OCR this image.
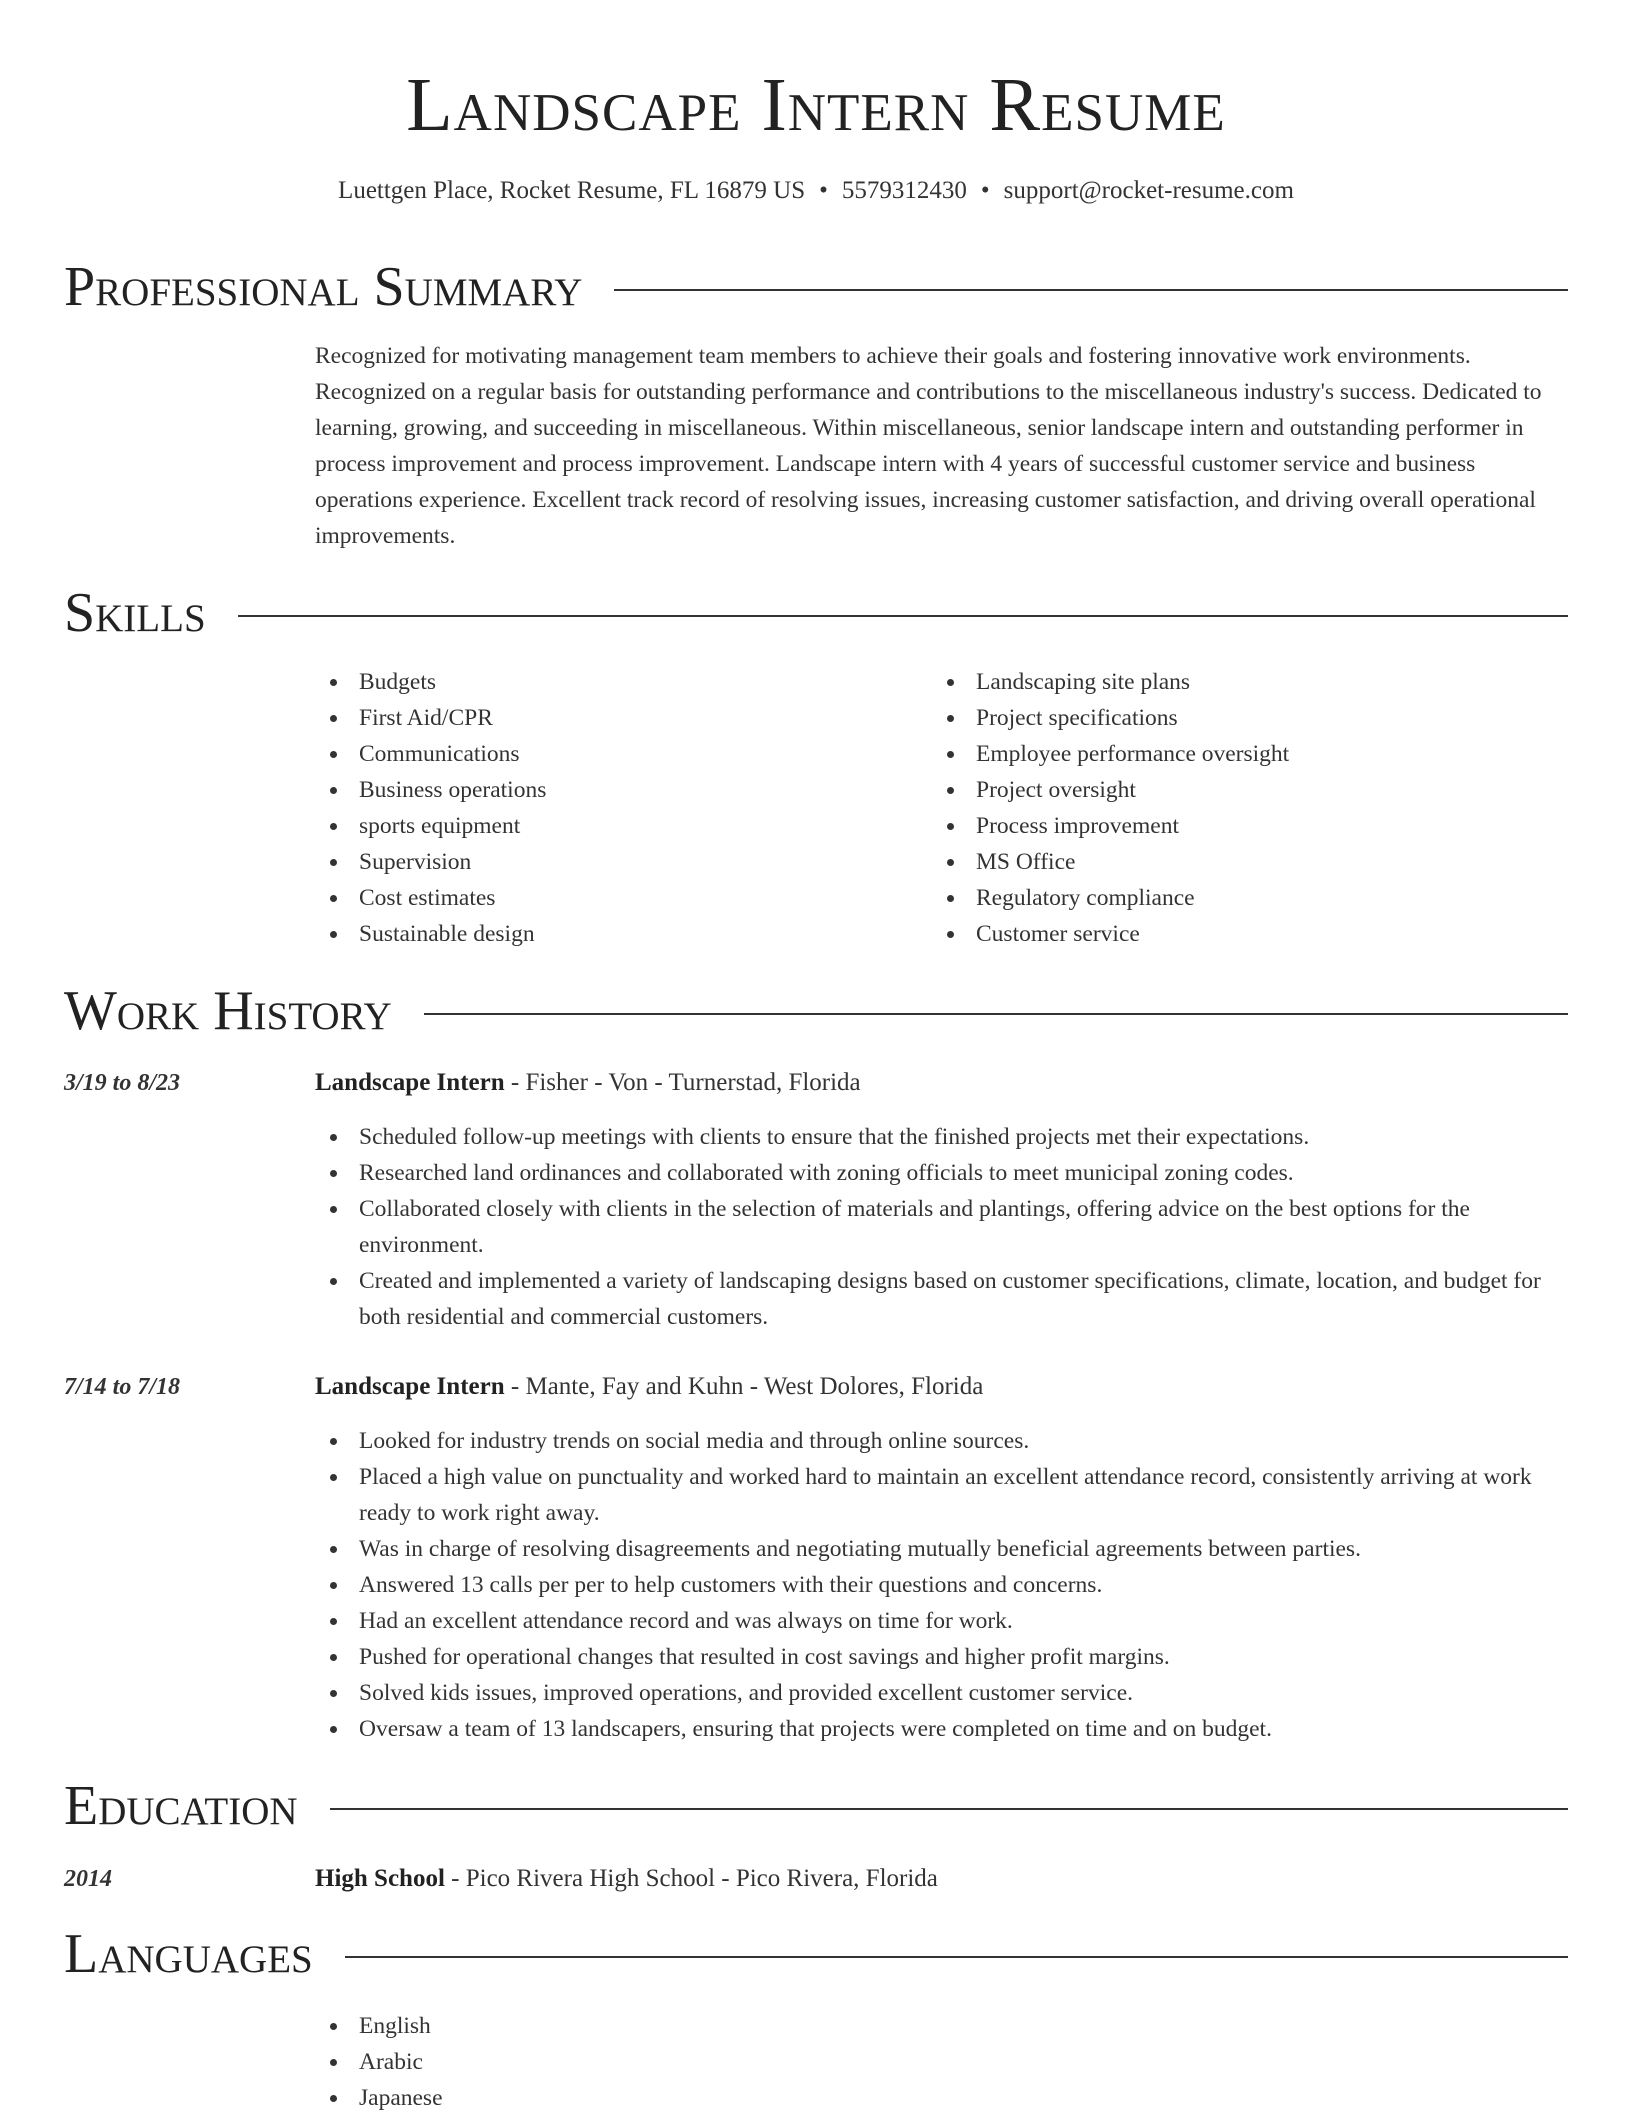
Landscape Intern Resume
Luettgen Place, Rocket Resume, FL 16879 US • 5579312430 • support@rocket-resume.com
Professional Summary
Recognized for motivating management team members to achieve their goals and fostering innovative work environments. Recognized on a regular basis for outstanding performance and contributions to the miscellaneous industry's success. Dedicated to learning, growing, and succeeding in miscellaneous. Within miscellaneous, senior landscape intern and outstanding performer in process improvement and process improvement. Landscape intern with 4 years of successful customer service and business operations experience. Excellent track record of resolving issues, increasing customer satisfaction, and driving overall operational improvements.
Skills
Budgets
First Aid/CPR
Communications
Business operations
sports equipment
Supervision
Cost estimates
Sustainable design
Landscaping site plans
Project specifications
Employee performance oversight
Project oversight
Process improvement
MS Office
Regulatory compliance
Customer service
Work History
3/19 to 8/23	Landscape Intern - Fisher - Von - Turnerstad, Florida
Scheduled follow-up meetings with clients to ensure that the finished projects met their expectations.
Researched land ordinances and collaborated with zoning officials to meet municipal zoning codes.
Collaborated closely with clients in the selection of materials and plantings, offering advice on the best options for the environment.
Created and implemented a variety of landscaping designs based on customer specifications, climate, location, and budget for both residential and commercial customers.
7/14 to 7/18	Landscape Intern - Mante, Fay and Kuhn - West Dolores, Florida
Looked for industry trends on social media and through online sources.
Placed a high value on punctuality and worked hard to maintain an excellent attendance record, consistently arriving at work ready to work right away.
Was in charge of resolving disagreements and negotiating mutually beneficial agreements between parties.
Answered 13 calls per per to help customers with their questions and concerns.
Had an excellent attendance record and was always on time for work.
Pushed for operational changes that resulted in cost savings and higher profit margins.
Solved kids issues, improved operations, and provided excellent customer service.
Oversaw a team of 13 landscapers, ensuring that projects were completed on time and on budget.
Education
2014	High School - Pico Rivera High School - Pico Rivera, Florida
Languages
English
Arabic
Japanese
